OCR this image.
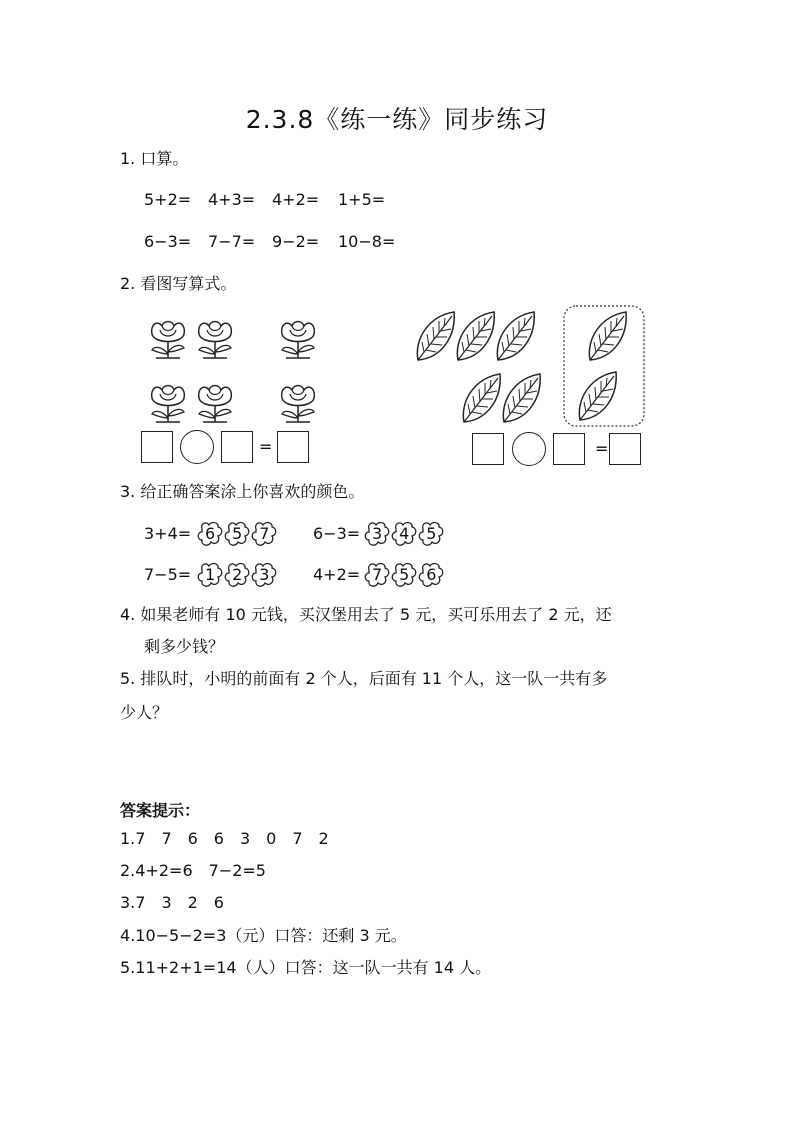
2.3.8《练一练》同步练习
1. 口算。
5+2= 4+3= 4+2= 1+5=
6−3= 7−7= 9−2= 10−8=
2. 看图写算式。
=	=
3. 给正确答案涂上你喜欢的颜色。
3+4= 6 5 7	6−3= 3 4 5
7−5= 1 2 3	4+2= 7 5 6
4. 如果老师有 10 元钱，买汉堡用去了 5 元，买可乐用去了 2 元，还
剩多少钱？
5. 排队时，小明的前面有 2 个人，后面有 11 个人，这一队一共有多
少人？
答案提示：
1.7　7　6　6　3　0　7　2
2.4+2=6　7−2=5
3.7　3　2　6
4.10−5−2=3（元）口答：还剩 3 元。
5.11+2+1=14（人）口答：这一队一共有 14 人。
